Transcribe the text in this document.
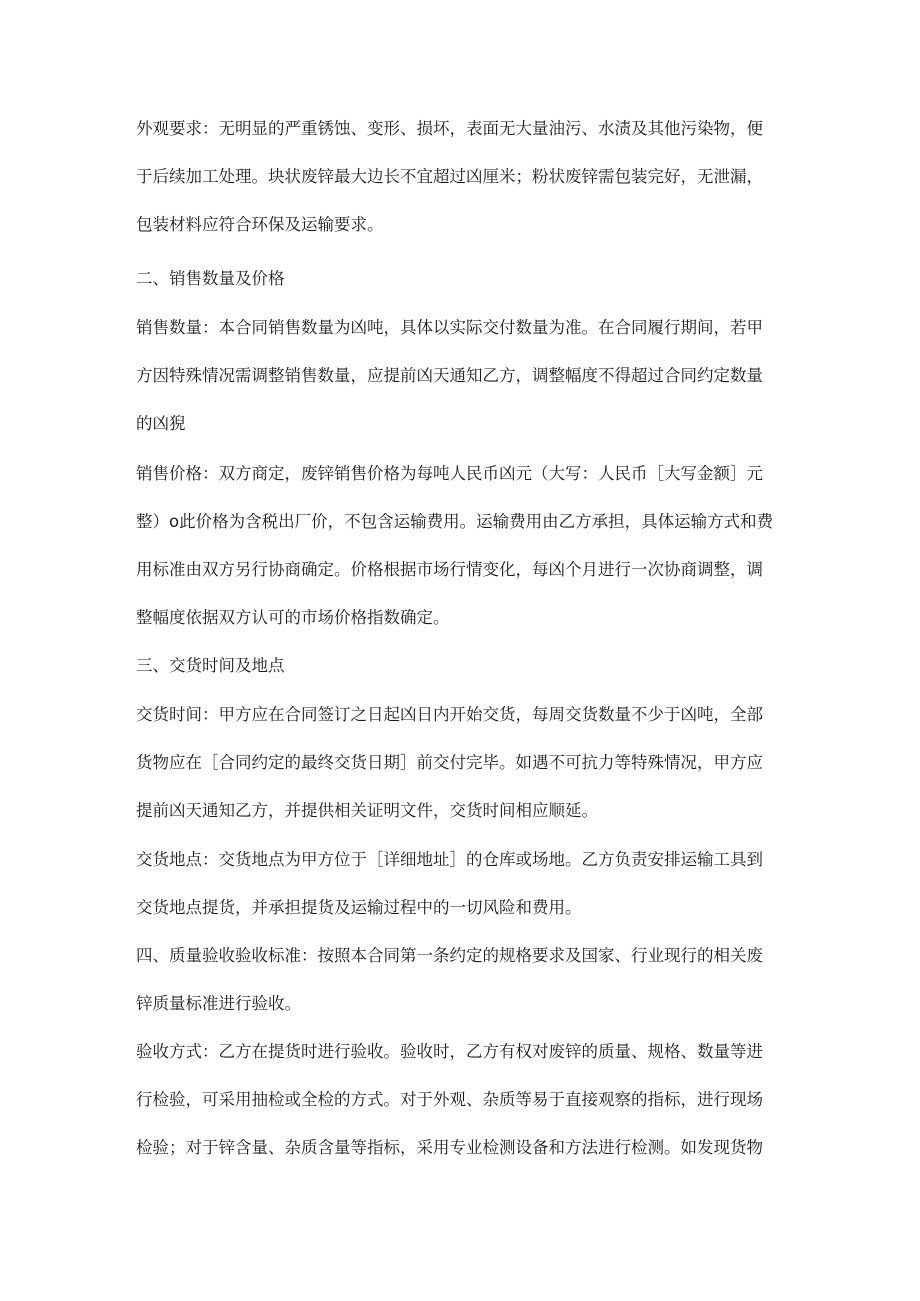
外观要求：无明显的严重锈蚀、变形、损坏，表面无大量油污、水渍及其他污染物，便
于后续加工处理。块状废锌最大边长不宜超过凶厘米；粉状废锌需包装完好，无泄漏，
包装材料应符合环保及运输要求。
二、销售数量及价格
销售数量：本合同销售数量为凶吨，具体以实际交付数量为准。在合同履行期间，若甲
方因特殊情况需调整销售数量，应提前凶天通知乙方，调整幅度不得超过合同约定数量
的凶猊
销售价格：双方商定，废锌销售价格为每吨人民币凶元（大写：人民币［大写金额］元
整）o此价格为含税出厂价，不包含运输费用。运输费用由乙方承担，具体运输方式和费
用标准由双方另行协商确定。价格根据市场行情变化，每凶个月进行一次协商调整，调
整幅度依据双方认可的市场价格指数确定。
三、交货时间及地点
交货时间：甲方应在合同签订之日起凶日内开始交货，每周交货数量不少于凶吨，全部
货物应在［合同约定的最终交货日期］前交付完毕。如遇不可抗力等特殊情况，甲方应
提前凶天通知乙方，并提供相关证明文件，交货时间相应顺延。
交货地点：交货地点为甲方位于［详细地址］的仓库或场地。乙方负责安排运输工具到
交货地点提货，并承担提货及运输过程中的一切风险和费用。
四、质量验收验收标准：按照本合同第一条约定的规格要求及国家、行业现行的相关废
锌质量标准进行验收。
验收方式：乙方在提货时进行验收。验收时，乙方有权对废锌的质量、规格、数量等进
行检验，可采用抽检或全检的方式。对于外观、杂质等易于直接观察的指标，进行现场
检验；对于锌含量、杂质含量等指标，采用专业检测设备和方法进行检测。如发现货物
